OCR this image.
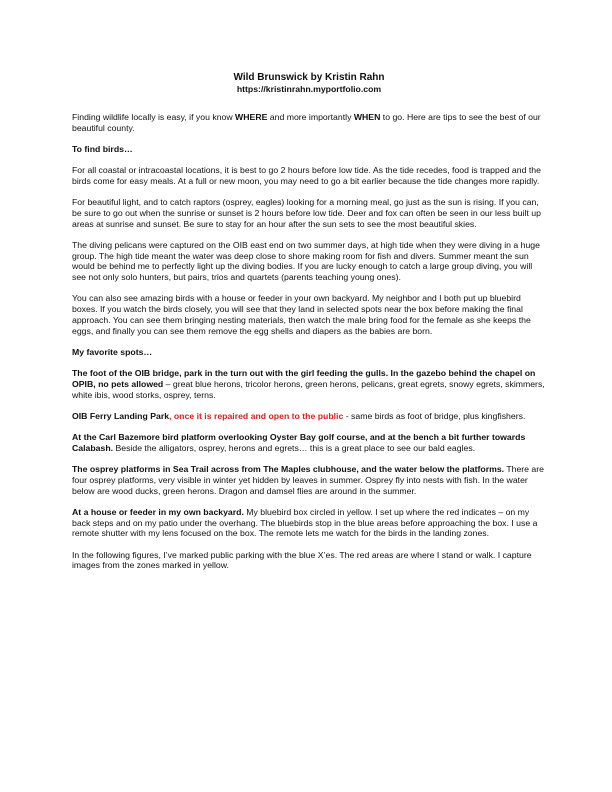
Wild Brunswick by Kristin Rahn
https://kristinrahn.myportfolio.com

Finding wildlife locally is easy, if you know WHERE and more importantly WHEN to go. Here are tips to see the best of our beautiful county.

To find birds…

For all coastal or intracoastal locations, it is best to go 2 hours before low tide. As the tide recedes, food is trapped and the birds come for easy meals. At a full or new moon, you may need to go a bit earlier because the tide changes more rapidly.

For beautiful light, and to catch raptors (osprey, eagles) looking for a morning meal, go just as the sun is rising. If you can, be sure to go out when the sunrise or sunset is 2 hours before low tide. Deer and fox can often be seen in our less built up areas at sunrise and sunset. Be sure to stay for an hour after the sun sets to see the most beautiful skies.

The diving pelicans were captured on the OIB east end on two summer days, at high tide when they were diving in a huge group. The high tide meant the water was deep close to shore making room for fish and divers. Summer meant the sun would be behind me to perfectly light up the diving bodies. If you are lucky enough to catch a large group diving, you will see not only solo hunters, but pairs, trios and quartets (parents teaching young ones).

You can also see amazing birds with a house or feeder in your own backyard. My neighbor and I both put up bluebird boxes. If you watch the birds closely, you will see that they land in selected spots near the box before making the final approach. You can see them bringing nesting materials, then watch the male bring food for the female as she keeps the eggs, and finally you can see them remove the egg shells and diapers as the babies are born.

My favorite spots…

The foot of the OIB bridge, park in the turn out with the girl feeding the gulls. In the gazebo behind the chapel on OPIB, no pets allowed – great blue herons, tricolor herons, green herons, pelicans, great egrets, snowy egrets, skimmers, white ibis, wood storks, osprey, terns.

OIB Ferry Landing Park, once it is repaired and open to the public - same birds as foot of bridge, plus kingfishers.

At the Carl Bazemore bird platform overlooking Oyster Bay golf course, and at the bench a bit further towards Calabash. Beside the alligators, osprey, herons and egrets… this is a great place to see our bald eagles.

The osprey platforms in Sea Trail across from The Maples clubhouse, and the water below the platforms. There are four osprey platforms, very visible in winter yet hidden by leaves in summer. Osprey fly into nests with fish. In the water below are wood ducks, green herons. Dragon and damsel flies are around in the summer.

At a house or feeder in my own backyard. My bluebird box circled in yellow. I set up where the red indicates – on my back steps and on my patio under the overhang. The bluebirds stop in the blue areas before approaching the box. I use a remote shutter with my lens focused on the box. The remote lets me watch for the birds in the landing zones.

In the following figures, I’ve marked public parking with the blue X’es. The red areas are where I stand or walk. I capture images from the zones marked in yellow.
